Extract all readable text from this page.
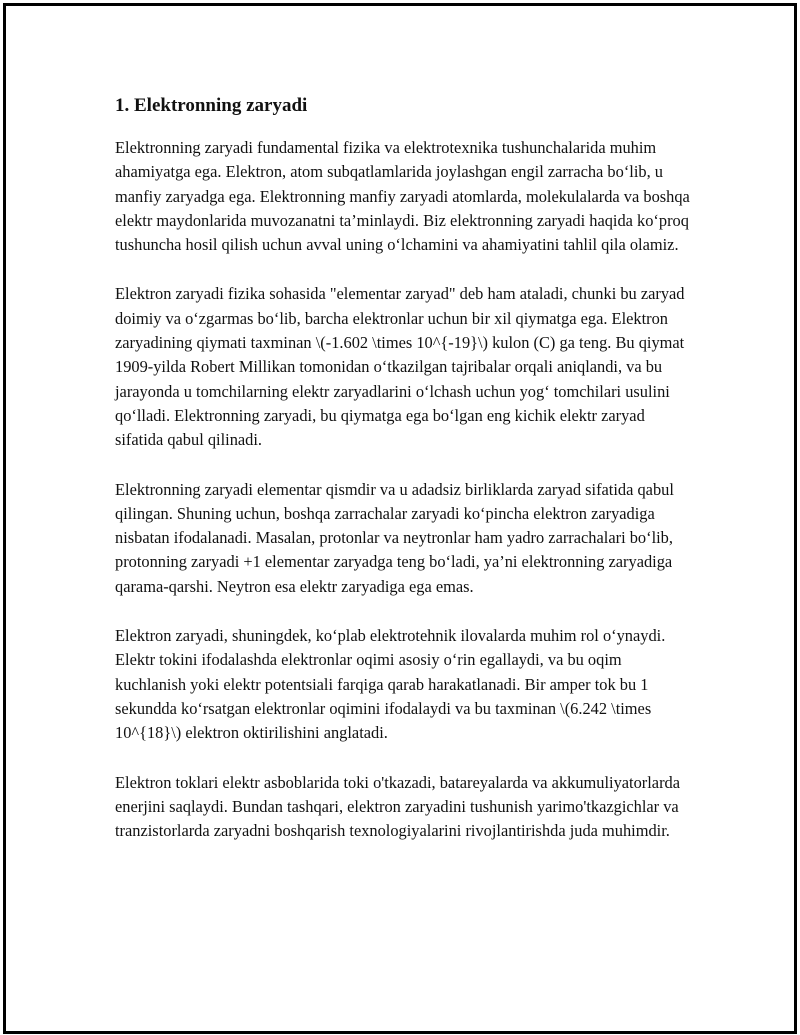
1. Elektronning zaryadi

Elektronning zaryadi fundamental fizika va elektrotexnika tushunchalarida muhim ahamiyatga ega. Elektron, atom subqatlamlarida joylashgan engil zarracha bo‘lib, u manfiy zaryadga ega. Elektronning manfiy zaryadi atomlarda, molekulalarda va boshqa elektr maydonlarida muvozanatni ta’minlaydi. Biz elektronning zaryadi haqida ko‘proq tushuncha hosil qilish uchun avval uning o‘lchamini va ahamiyatini tahlil qila olamiz.

Elektron zaryadi fizika sohasida "elementar zaryad" deb ham ataladi, chunki bu zaryad doimiy va o‘zgarmas bo‘lib, barcha elektronlar uchun bir xil qiymatga ega. Elektron zaryadining qiymati taxminan \(-1.602 \times 10^{-19}\) kulon (C) ga teng. Bu qiymat 1909-yilda Robert Millikan tomonidan o‘tkazilgan tajribalar orqali aniqlandi, va bu jarayonda u tomchilarning elektr zaryadlarini o‘lchash uchun yog‘ tomchilari usulini qo‘lladi. Elektronning zaryadi, bu qiymatga ega bo‘lgan eng kichik elektr zaryad sifatida qabul qilinadi.

Elektronning zaryadi elementar qismdir va u adadsiz birliklarda zaryad sifatida qabul qilingan. Shuning uchun, boshqa zarrachalar zaryadi ko‘pincha elektron zaryadiga nisbatan ifodalanadi. Masalan, protonlar va neytronlar ham yadro zarrachalari bo‘lib, protonning zaryadi +1 elementar zaryadga teng bo‘ladi, ya’ni elektronning zaryadiga qarama-qarshi. Neytron esa elektr zaryadiga ega emas.

Elektron zaryadi, shuningdek, ko‘plab elektrotehnik ilovalarda muhim rol o‘ynaydi. Elektr tokini ifodalashda elektronlar oqimi asosiy o‘rin egallaydi, va bu oqim kuchlanish yoki elektr potentsiali farqiga qarab harakatlanadi. Bir amper tok bu 1 sekundda ko‘rsatgan elektronlar oqimini ifodalaydi va bu taxminan \(6.242 \times 10^{18}\) elektron oktirilishini anglatadi.

Elektron toklari elektr asboblarida toki o'tkazadi, batareyalarda va akkumuliyatorlarda enerjini saqlaydi. Bundan tashqari, elektron zaryadini tushunish yarimo'tkazgichlar va tranzistorlarda zaryadni boshqarish texnologiyalarini rivojlantirishda juda muhimdir.
